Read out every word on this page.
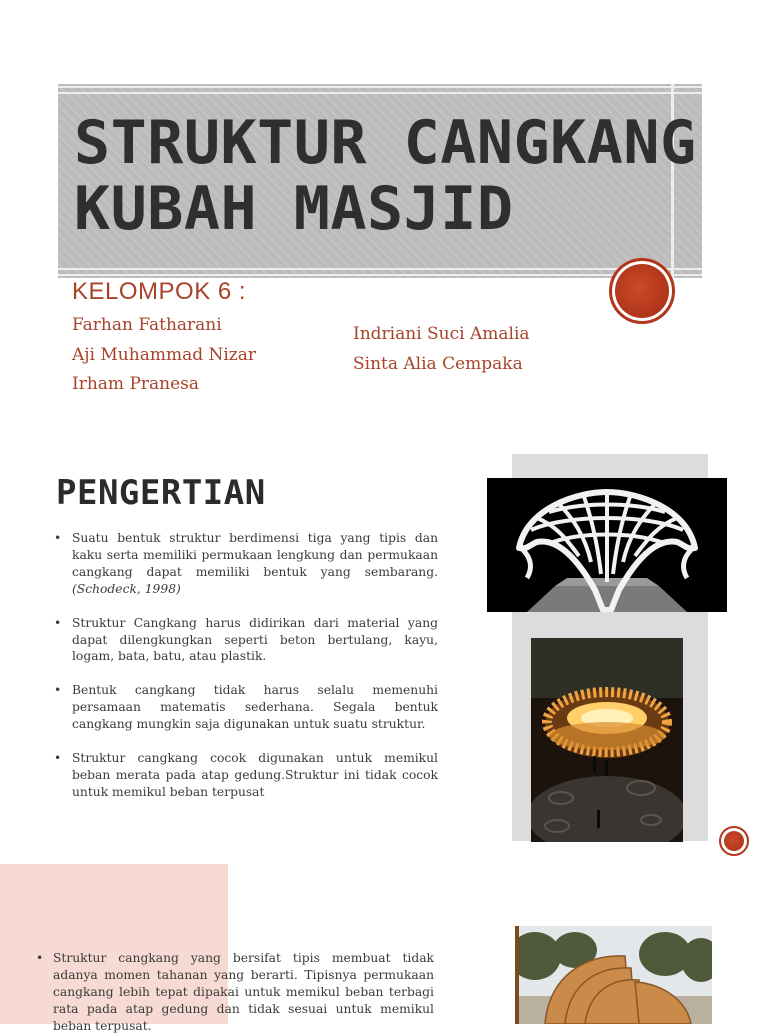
STRUKTUR CANGKANG
KUBAH MASJID

KELOMPOK 6 :

Farhan Fatharani
Aji Muhammad Nizar
Irham Pranesa
Indriani Suci Amalia
Sinta Alia Cempaka
PENGERTIAN
• Suatu bentuk struktur berdimensi tiga yang tipis dan kaku serta memiliki permukaan lengkung dan permukaan cangkang dapat memiliki bentuk yang sembarang. (Schodeck, 1998)
• Struktur Cangkang harus didirikan dari material yang dapat dilengkungkan seperti beton bertulang, kayu, logam, bata, batu, atau plastik.
• Bentuk cangkang tidak harus selalu memenuhi persamaan matematis sederhana. Segala bentuk cangkang mungkin saja digunakan untuk suatu struktur.
• Struktur cangkang cocok digunakan untuk memikul beban merata pada atap gedung.Struktur ini tidak cocok untuk memikul beban terpusat
• Struktur cangkang yang bersifat tipis membuat tidak adanya momen tahanan yang berarti. Tipisnya permukaan cangkang lebih tepat dipakai untuk memikul beban terbagi rata pada atap gedung dan tidak sesuai untuk memikul beban terpusat.
